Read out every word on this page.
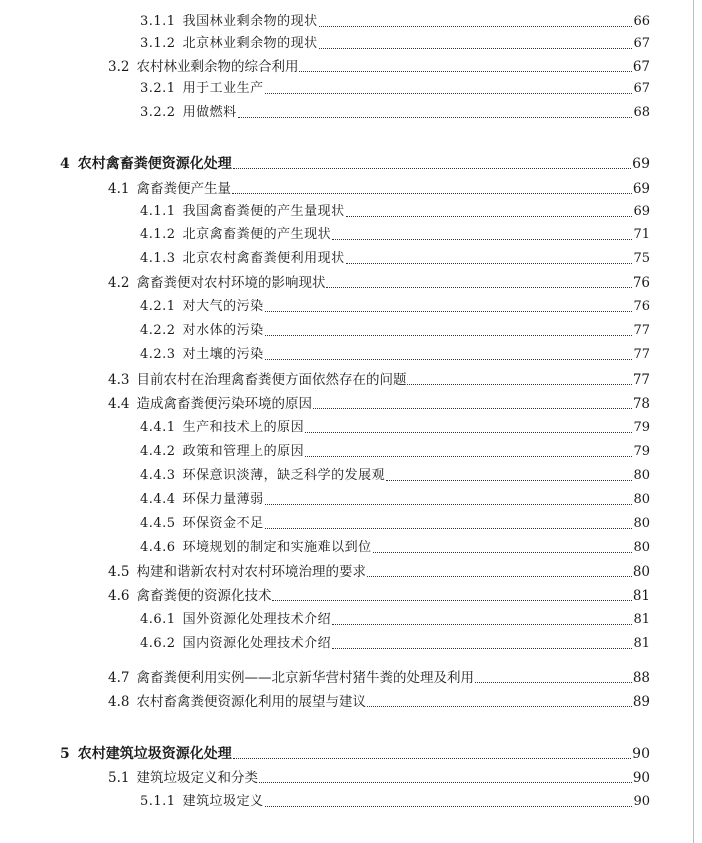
3.1.1 我国林业剩余物的现状	66
3.1.2 北京林业剩余物的现状	67
3.2 农村林业剩余物的综合利用	67
3.2.1 用于工业生产	67
3.2.2 用做燃料	68
4 农村禽畜粪便资源化处理	69
4.1 禽畜粪便产生量	69
4.1.1 我国禽畜粪便的产生量现状	69
4.1.2 北京禽畜粪便的产生现状	71
4.1.3 北京农村禽畜粪便利用现状	75
4.2 禽畜粪便对农村环境的影响现状	76
4.2.1 对大气的污染	76
4.2.2 对水体的污染	77
4.2.3 对土壤的污染	77
4.3 目前农村在治理禽畜粪便方面依然存在的问题	77
4.4 造成禽畜粪便污染环境的原因	78
4.4.1 生产和技术上的原因	79
4.4.2 政策和管理上的原因	79
4.4.3 环保意识淡薄，缺乏科学的发展观	80
4.4.4 环保力量薄弱	80
4.4.5 环保资金不足	80
4.4.6 环境规划的制定和实施难以到位	80
4.5 构建和谐新农村对农村环境治理的要求	80
4.6 禽畜粪便的资源化技术	81
4.6.1 国外资源化处理技术介绍	81
4.6.2 国内资源化处理技术介绍	81
4.7 禽畜粪便利用实例——北京新华营村猪牛粪的处理及利用	88
4.8 农村畜禽粪便资源化利用的展望与建议	89
5 农村建筑垃圾资源化处理	90
5.1 建筑垃圾定义和分类	90
5.1.1 建筑垃圾定义	90
